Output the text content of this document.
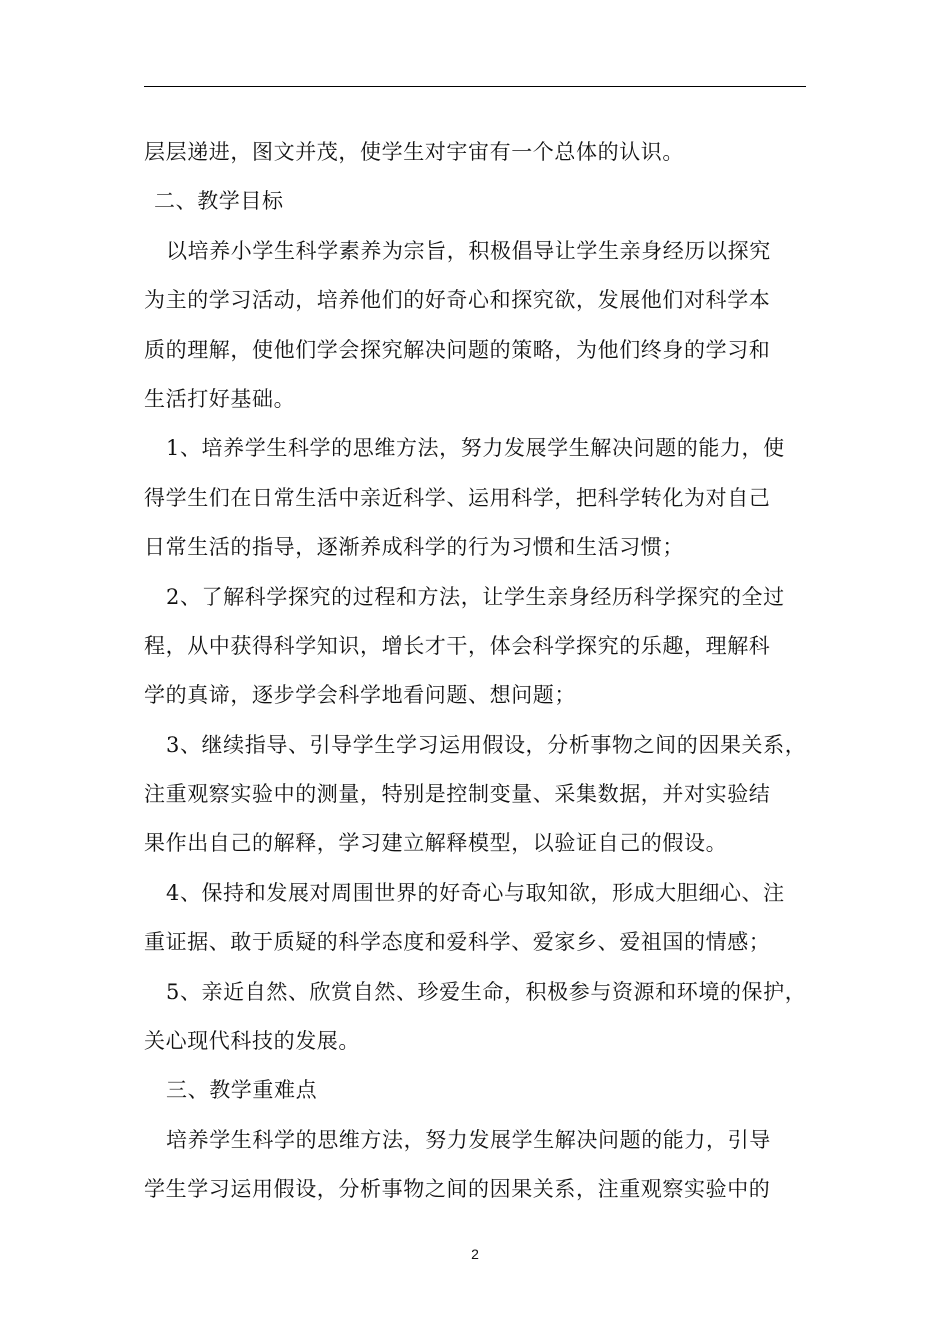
层层递进，图文并茂，使学生对宇宙有一个总体的认识。
二、教学目标
以培养小学生科学素养为宗旨，积极倡导让学生亲身经历以探究
为主的学习活动，培养他们的好奇心和探究欲，发展他们对科学本
质的理解，使他们学会探究解决问题的策略，为他们终身的学习和
生活打好基础。
1、培养学生科学的思维方法，努力发展学生解决问题的能力，使
得学生们在日常生活中亲近科学、运用科学，把科学转化为对自己
日常生活的指导，逐渐养成科学的行为习惯和生活习惯；
2、了解科学探究的过程和方法，让学生亲身经历科学探究的全过
程，从中获得科学知识，增长才干，体会科学探究的乐趣，理解科
学的真谛，逐步学会科学地看问题、想问题；
3、继续指导、引导学生学习运用假设，分析事物之间的因果关系，
注重观察实验中的测量，特别是控制变量、采集数据，并对实验结
果作出自己的解释，学习建立解释模型，以验证自己的假设。
4、保持和发展对周围世界的好奇心与取知欲，形成大胆细心、注
重证据、敢于质疑的科学态度和爱科学、爱家乡、爱祖国的情感；
5、亲近自然、欣赏自然、珍爱生命，积极参与资源和环境的保护，
关心现代科技的发展。
三、教学重难点
培养学生科学的思维方法，努力发展学生解决问题的能力，引导
学生学习运用假设，分析事物之间的因果关系，注重观察实验中的
2
